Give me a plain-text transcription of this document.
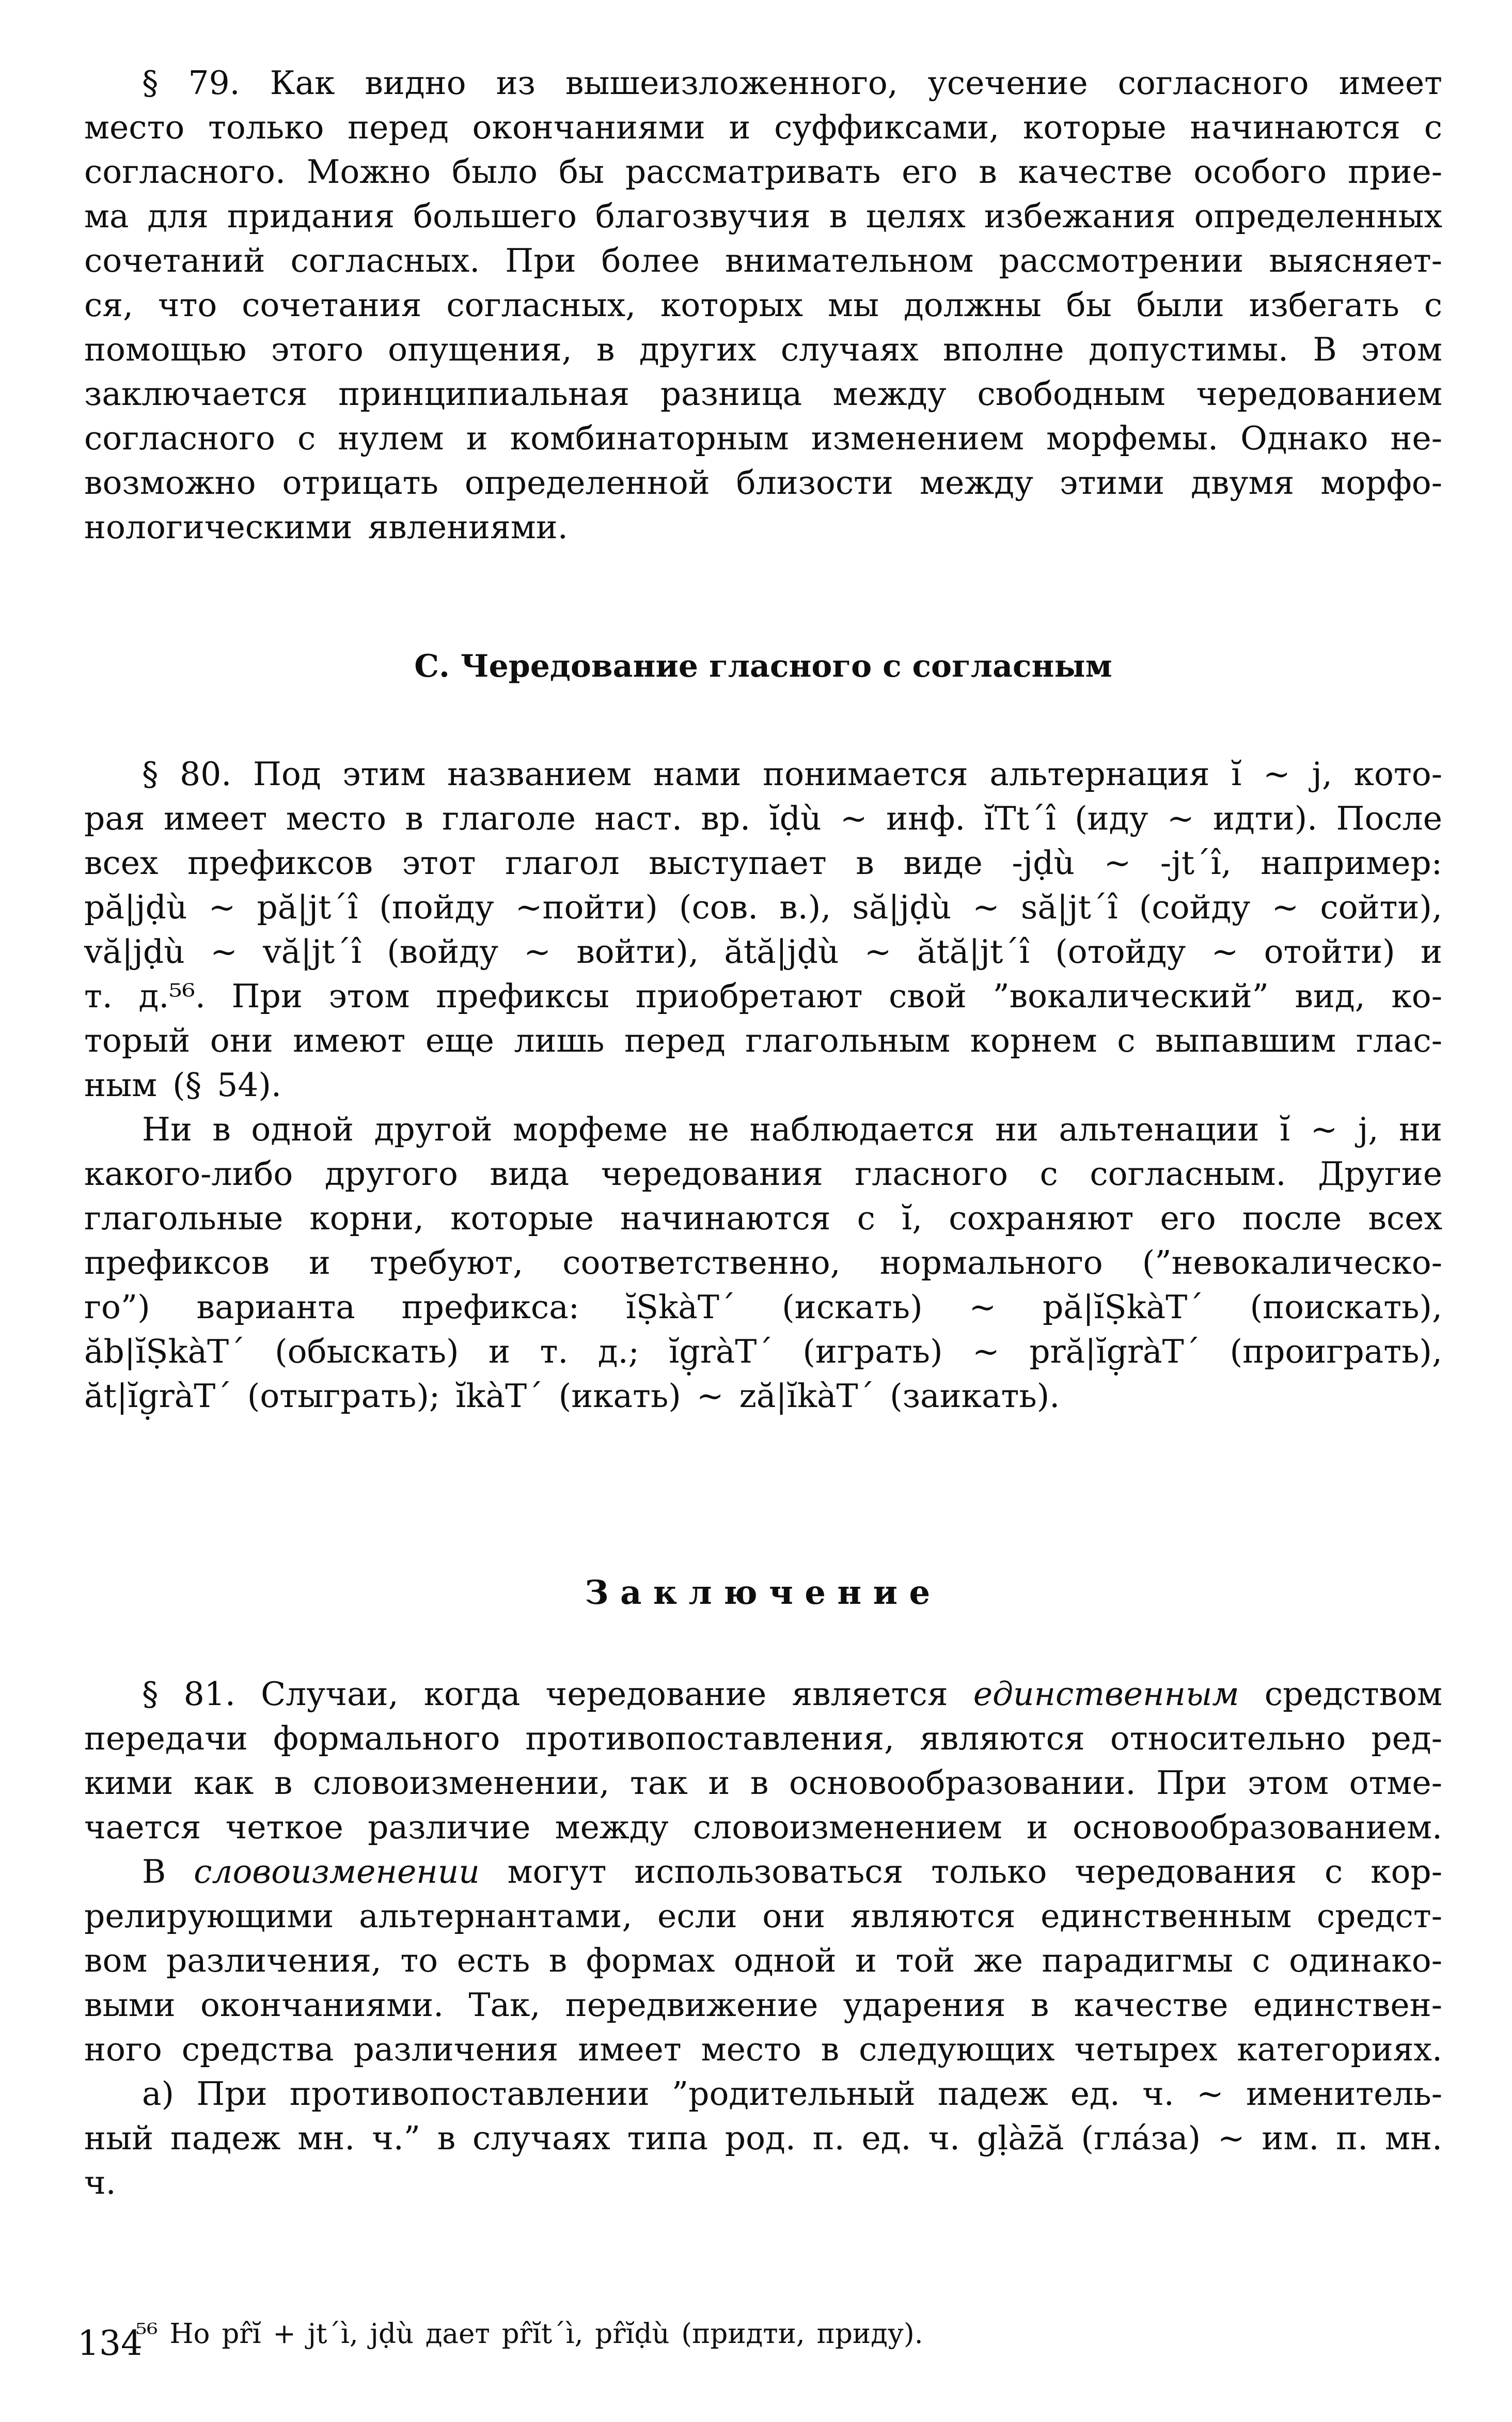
§ 79. Как видно из вышеизложенного, усечение согласного имеет
место только перед окончаниями и суффиксами, которые начинаются с
согласного. Можно было бы рассматривать его в качестве особого прие-
ма для придания большего благозвучия в целях избежания определенных
сочетаний согласных. При более внимательном рассмотрении выясняет-
ся, что сочетания согласных, которых мы должны бы были избегать с
помощью этого опущения, в других случаях вполне допустимы. В этом
заключается принципиальная разница между свободным чередованием
согласного с нулем и комбинаторным изменением морфемы. Однако не-
возможно отрицать определенной близости между этими двумя морфо-
нологическими явлениями.
С. Чередование гласного с согласным
§ 80. Под этим названием нами понимается альтернация ĭ ~ j, кото-
рая имеет место в глаголе наст. вр. ĭḍù ~ инф. ĭTt´î (иду ~ идти). После
всех префиксов этот глагол выступает в виде -jḍù ~ -jt´î, например:
pă|jḍù ~ pă|jt´î (пойду ~пойти) (сов. в.), să|jḍù ~ să|jt´î (сойду ~ сойти),
vă|jḍù ~ vă|jt´î (войду ~ войти), ătă|jḍù ~ ătă|jt´î (отойду ~ отойти) и
т. д.⁵⁶. При этом префиксы приобретают свой ”вокалический” вид, ко-
торый они имеют еще лишь перед глагольным корнем с выпавшим глас-
ным (§ 54).
Ни в одной другой морфеме не наблюдается ни альтенации ĭ ~ j, ни
какого-либо другого вида чередования гласного с согласным. Другие
глагольные корни, которые начинаются с ĭ, сохраняют его после всех
префиксов и требуют, соответственно, нормального (”невокалическо-
го”) варианта префикса: ĭṢkàT´ (искать) ~ pă|ĭṢkàT´ (поискать),
ăb|ĭṢkàT´ (обыскать) и т. д.; ĭg̣ràT´ (играть) ~ pră|ĭg̣ràT´ (проиграть),
ăt|ĭg̣ràT´ (отыграть); ĭkàT´ (икать) ~ ză|ĭkàT´ (заикать).
Заключение
§ 81. Случаи, когда чередование является единственным средством
передачи формального противопоставления, являются относительно ред-
кими как в словоизменении, так и в основообразовании. При этом отме-
чается четкое различие между словоизменением и основообразованием.
В словоизменении могут использоваться только чередования с кор-
релирующими альтернантами, если они являются единственным средст-
вом различения, то есть в формах одной и той же парадигмы с одинако-
выми окончаниями. Так, передвижение ударения в качестве единствен-
ного средства различения имеет место в следующих четырех категориях.
а) При противопоставлении ”родительный падеж ед. ч. ~ именитель-
ный падеж мн. ч.” в случаях типа род. п. ед. ч. gḷàz̄ă (гла́за) ~ им. п. мн. ч.
⁵⁶ Но pr̂ĭ + jt´ì, jḍù дает pr̂ĭt´ì, pr̂ĭḍù (придти, приду).
134
